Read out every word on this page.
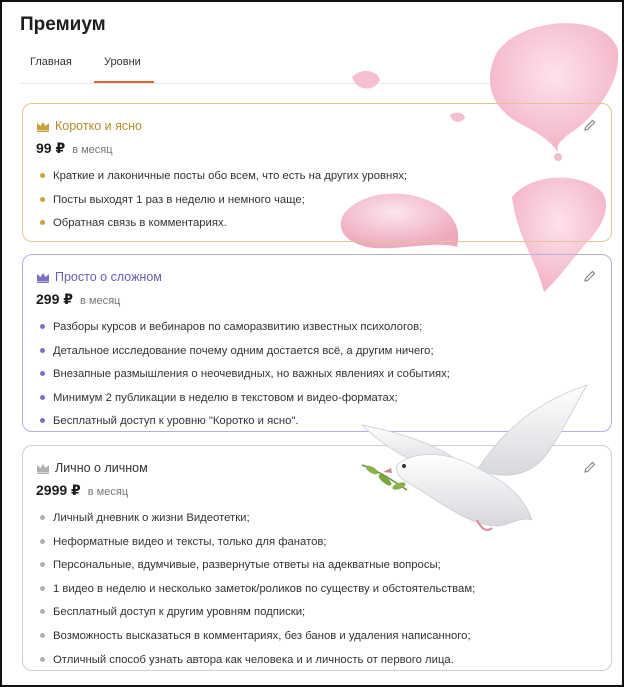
Премиум
Главная	Уровни
Коротко и ясно
99 ₽ в месяц
Краткие и лаконичные посты обо всем, что есть на других уровнях;
Посты выходят 1 раз в неделю и немного чаще;
Обратная связь в комментариях.
Просто о сложном
299 ₽ в месяц
Разборы курсов и вебинаров по саморазвитию известных психологов;
Детальное исследование почему одним достается всё, а другим ничего;
Внезапные размышления о неочевидных, но важных явлениях и событиях;
Минимум 2 публикации в неделю в текстовом и видео-форматах;
Бесплатный доступ к уровню "Коротко и ясно".
Лично о личном
2999 ₽ в месяц
Личный дневник о жизни Видеотетки;
Неформатные видео и тексты, только для фанатов;
Персональные, вдумчивые, развернутые ответы на адекватные вопросы;
1 видео в неделю и несколько заметок/роликов по существу и обстоятельствам;
Бесплатный доступ к другим уровням подписки;
Возможность высказаться в комментариях, без банов и удаления написанного;
Отличный способ узнать автора как человека и и личность от первого лица.
